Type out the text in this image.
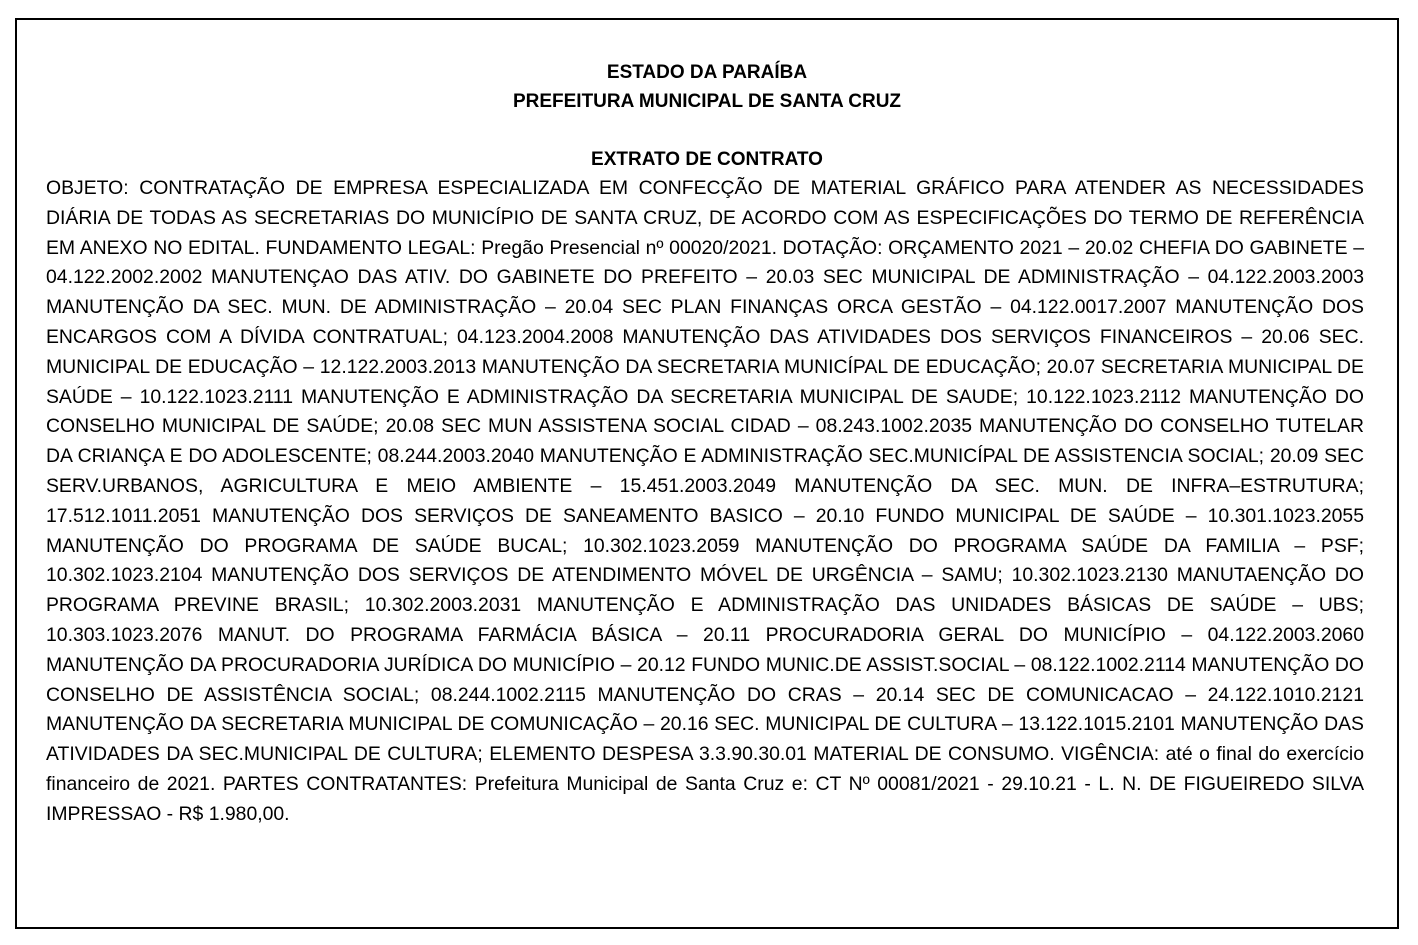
ESTADO DA PARAÍBA
PREFEITURA MUNICIPAL DE SANTA CRUZ
EXTRATO DE CONTRATO

OBJETO: CONTRATAÇÃO DE EMPRESA ESPECIALIZADA EM CONFECÇÃO DE MATERIAL GRÁFICO PARA ATENDER AS NECESSIDADES DIÁRIA DE TODAS AS SECRETARIAS DO MUNICÍPIO DE SANTA CRUZ, DE ACORDO COM AS ESPECIFICAÇÕES DO TERMO DE REFERÊNCIA EM ANEXO NO EDITAL. FUNDAMENTO LEGAL: Pregão Presencial nº 00020/2021. DOTAÇÃO: ORÇAMENTO 2021 – 20.02 CHEFIA DO GABINETE –04.122.2002.2002 MANUTENÇAO DAS ATIV. DO GABINETE DO PREFEITO – 20.03 SEC MUNICIPAL DE ADMINISTRAÇÃO – 04.122.2003.2003 MANUTENÇÃO DA SEC. MUN. DE ADMINISTRAÇÃO – 20.04 SEC PLAN FINANÇAS ORCA GESTÃO – 04.122.0017.2007 MANUTENÇÃO DOS ENCARGOS COM A DÍVIDA CONTRATUAL; 04.123.2004.2008 MANUTENÇÃO DAS ATIVIDADES DOS SERVIÇOS FINANCEIROS – 20.06 SEC. MUNICIPAL DE EDUCAÇÃO – 12.122.2003.2013 MANUTENÇÃO DA SECRETARIA MUNICÍPAL DE EDUCAÇÃO; 20.07 SECRETARIA MUNICIPAL DE SAÚDE – 10.122.1023.2111 MANUTENÇÃO E ADMINISTRAÇÃO DA SECRETARIA MUNICIPAL DE SAUDE; 10.122.1023.2112 MANUTENÇÃO DO CONSELHO MUNICIPAL DE SAÚDE; 20.08 SEC MUN ASSISTENA SOCIAL CIDAD – 08.243.1002.2035 MANUTENÇÃO DO CONSELHO TUTELAR DA CRIANÇA E DO ADOLESCENTE; 08.244.2003.2040 MANUTENÇÃO E ADMINISTRAÇÃO SEC.MUNICÍPAL DE ASSISTENCIA SOCIAL; 20.09 SEC SERV.URBANOS, AGRICULTURA E MEIO AMBIENTE – 15.451.2003.2049 MANUTENÇÃO DA SEC. MUN. DE INFRA–ESTRUTURA; 17.512.1011.2051 MANUTENÇÃO DOS SERVIÇOS DE SANEAMENTO BASICO – 20.10 FUNDO MUNICIPAL DE SAÚDE – 10.301.1023.2055 MANUTENÇÃO DO PROGRAMA DE SAÚDE BUCAL; 10.302.1023.2059 MANUTENÇÃO DO PROGRAMA SAÚDE DA FAMILIA – PSF; 10.302.1023.2104 MANUTENÇÃO DOS SERVIÇOS DE ATENDIMENTO MÓVEL DE URGÊNCIA – SAMU; 10.302.1023.2130 MANUTAENÇÃO DO PROGRAMA PREVINE BRASIL; 10.302.2003.2031 MANUTENÇÃO E ADMINISTRAÇÃO DAS UNIDADES BÁSICAS DE SAÚDE – UBS; 10.303.1023.2076 MANUT. DO PROGRAMA FARMÁCIA BÁSICA – 20.11 PROCURADORIA GERAL DO MUNICÍPIO – 04.122.2003.2060 MANUTENÇÃO DA PROCURADORIA JURÍDICA DO MUNICÍPIO – 20.12 FUNDO MUNIC.DE ASSIST.SOCIAL – 08.122.1002.2114 MANUTENÇÃO DO CONSELHO DE ASSISTÊNCIA SOCIAL; 08.244.1002.2115 MANUTENÇÃO DO CRAS – 20.14 SEC DE COMUNICACAO – 24.122.1010.2121 MANUTENÇÃO DA SECRETARIA MUNICIPAL DE COMUNICAÇÃO – 20.16 SEC. MUNICIPAL DE CULTURA – 13.122.1015.2101 MANUTENÇÃO DAS ATIVIDADES DA SEC.MUNICIPAL DE CULTURA; ELEMENTO DESPESA 3.3.90.30.01 MATERIAL DE CONSUMO. VIGÊNCIA: até o final do exercício financeiro de 2021. PARTES CONTRATANTES: Prefeitura Municipal de Santa Cruz e: CT Nº 00081/2021 - 29.10.21 - L. N. DE FIGUEIREDO SILVA IMPRESSAO - R$ 1.980,00.
